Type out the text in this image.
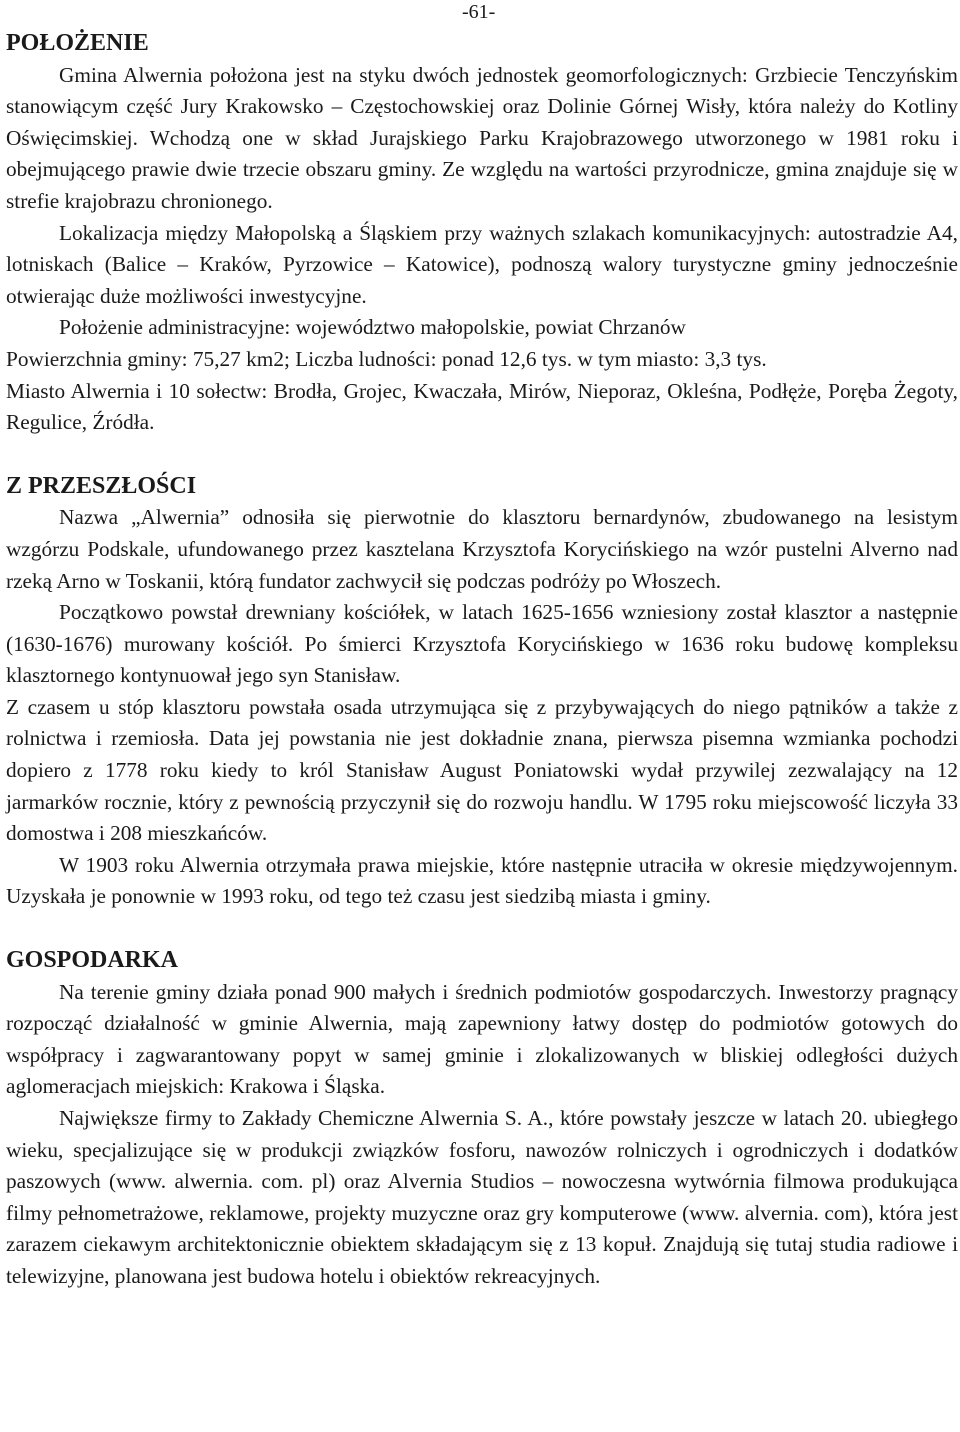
-61-
POŁOŻENIE

Gmina Alwernia położona jest na styku dwóch jednostek geomorfologicznych: Grzbiecie Tenczyńskim stanowiącym część Jury Krakowsko – Częstochowskiej oraz Dolinie Górnej Wisły, która należy do Kotliny Oświęcimskiej. Wchodzą one w skład Jurajskiego Parku Krajobrazowego utworzonego w 1981 roku i obejmującego prawie dwie trzecie obszaru gminy. Ze względu na wartości przyrodnicze, gmina znajduje się w strefie krajobrazu chronionego.

Lokalizacja między Małopolską a Śląskiem przy ważnych szlakach komunikacyjnych: autostradzie A4, lotniskach (Balice – Kraków, Pyrzowice – Katowice), podnoszą walory turystyczne gminy jednocześnie otwierając duże możliwości inwestycyjne.

Położenie administracyjne: województwo małopolskie, powiat Chrzanów

Powierzchnia gminy: 75,27 km2; Liczba ludności: ponad 12,6 tys. w tym miasto: 3,3 tys.

Miasto Alwernia i 10 sołectw: Brodła, Grojec, Kwaczała, Mirów, Nieporaz, Okleśna, Podłęże, Poręba Żegoty, Regulice, Źródła.

Z PRZESZŁOŚCI

Nazwa „Alwernia” odnosiła się pierwotnie do klasztoru bernardynów, zbudowanego na lesistym wzgórzu Podskale, ufundowanego przez kasztelana Krzysztofa Korycińskiego na wzór pustelni Alverno nad rzeką Arno w Toskanii, którą fundator zachwycił się podczas podróży po Włoszech.

Początkowo powstał drewniany kościółek, w latach 1625-1656 wzniesiony został klasztor a następnie (1630-1676) murowany kościół. Po śmierci Krzysztofa Korycińskiego w 1636 roku budowę kompleksu klasztornego kontynuował jego syn Stanisław.

Z czasem u stóp klasztoru powstała osada utrzymująca się z przybywających do niego pątników a także z rolnictwa i rzemiosła. Data jej powstania nie jest dokładnie znana, pierwsza pisemna wzmianka pochodzi dopiero z 1778 roku kiedy to król Stanisław August Poniatowski wydał przywilej zezwalający na 12 jarmarków rocznie, który z pewnością przyczynił się do rozwoju handlu. W 1795 roku miejscowość liczyła 33 domostwa i 208 mieszkańców.

W 1903 roku Alwernia otrzymała prawa miejskie, które następnie utraciła w okresie międzywojennym. Uzyskała je ponownie w 1993 roku, od tego też czasu jest siedzibą miasta i gminy.

GOSPODARKA

Na terenie gminy działa ponad 900 małych i średnich podmiotów gospodarczych. Inwestorzy pragnący rozpocząć działalność w gminie Alwernia, mają zapewniony łatwy dostęp do podmiotów gotowych do współpracy i zagwarantowany popyt w samej gminie i zlokalizowanych w bliskiej odległości dużych aglomeracjach miejskich: Krakowa i Śląska.

Największe firmy to Zakłady Chemiczne Alwernia S. A., które powstały jeszcze w latach 20. ubiegłego wieku, specjalizujące się w produkcji związków fosforu, nawozów rolniczych i ogrodniczych i dodatków paszowych (www. alwernia. com. pl) oraz Alvernia Studios – nowoczesna wytwórnia filmowa produkująca filmy pełnometrażowe, reklamowe, projekty muzyczne oraz gry komputerowe (www. alvernia. com), która jest zarazem ciekawym architektonicznie obiektem składającym się z 13 kopuł. Znajdują się tutaj studia radiowe i telewizyjne, planowana jest budowa hotelu i obiektów rekreacyjnych.
